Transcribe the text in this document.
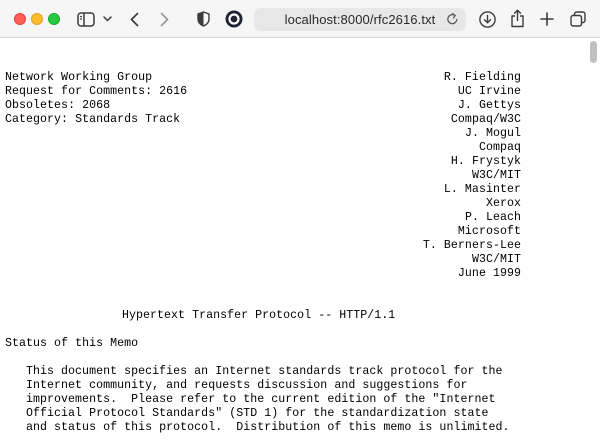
localhost:8000/rfc2616.txt
Network Working Group
Request for Comments: 2616
Obsoletes: 2068
Category: Standards Track
R. Fielding
UC Irvine
J. Gettys
Compaq/W3C
J. Mogul
Compaq
H. Frystyk
W3C/MIT
L. Masinter
Xerox
P. Leach
Microsoft
T. Berners-Lee
W3C/MIT
June 1999
Hypertext Transfer Protocol -- HTTP/1.1
Status of this Memo
This document specifies an Internet standards track protocol for the
Internet community, and requests discussion and suggestions for
improvements.  Please refer to the current edition of the "Internet
Official Protocol Standards" (STD 1) for the standardization state
and status of this protocol.  Distribution of this memo is unlimited.
